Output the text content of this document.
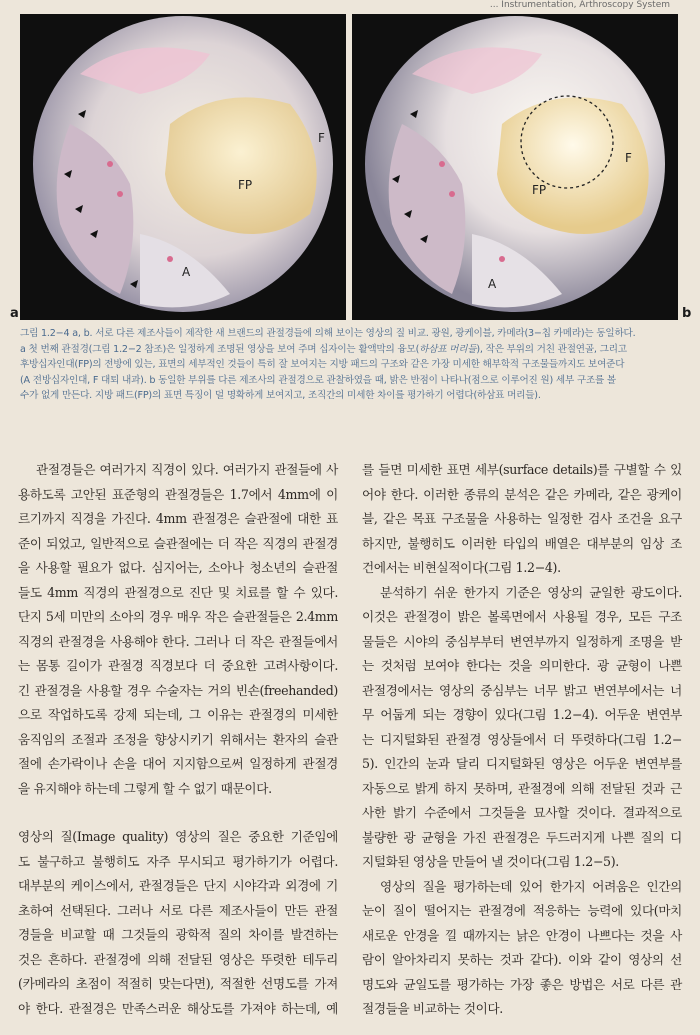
... Instrumentation, Arthroscopy System
FP
F
A
FP
F
A
a	b
그림 1.2−4 a, b. 서로 다른 제조사들이 제작한 새 브랜드의 관절경들에 의해 보이는 영상의 질 비교. 광원, 광케이블, 카메라(3−칩 카메라)는 동일하다.
a 첫 번째 관절경(그림 1.2−2 참조)은 일정하게 조명된 영상을 보여 주며 십자이는 활액막의 융모(하삼표 머리들), 작은 부위의 거친 관절연골, 그리고
후방십자인대(FP)의 전방에 있는, 표면의 세부적인 것들이 특히 잘 보여지는 지방 패드의 구조와 같은 가장 미세한 해부학적 구조물들까지도 보여준다
(A 전방십자인대, F 대퇴 내과). b 동일한 부위를 다른 제조사의 관절경으로 관찰하였을 때, 밝은 반점이 나타나(점으로 이루어진 원) 세부 구조를 볼
수가 없게 만든다. 지방 패드(FP)의 표면 특징이 덜 명확하게 보여지고, 조직간의 미세한 차이를 평가하기 어렵다(하삼표 머리들).
관절경들은 여러가지 직경이 있다. 여러가지 관절들에 사
용하도록 고안된 표준형의 관절경들은 1.7에서 4mm에 이
르기까지 직경을 가진다. 4mm 관절경은 슬관절에 대한 표
준이 되었고, 일반적으로 슬관절에는 더 작은 직경의 관절경
을 사용할 필요가 없다. 심지어는, 소아나 청소년의 슬관절
들도 4mm 직경의 관절경으로 진단 및 치료를 할 수 있다.
단지 5세 미만의 소아의 경우 매우 작은 슬관절들은 2.4mm
직경의 관절경을 사용해야 한다. 그러나 더 작은 관절들에서
는 몸통 길이가 관절경 직경보다 더 중요한 고려사항이다.
긴 관절경을 사용할 경우 수술자는 거의 빈손(freehanded)
으로 작업하도록 강제 되는데, 그 이유는 관절경의 미세한
움직임의 조절과 조정을 향상시키기 위해서는 환자의 슬관
절에 손가락이나 손을 대어 지지함으로써 일정하게 관절경
을 유지해야 하는데 그렇게 할 수 없기 때문이다.
영상의 질(Image quality) 영상의 질은 중요한 기준임에
도 불구하고 불행히도 자주 무시되고 평가하기가 어렵다.
대부분의 케이스에서, 관절경들은 단지 시야각과 외경에 기
초하여 선택된다. 그러나 서로 다른 제조사들이 만든 관절
경들을 비교할 때 그것들의 광학적 질의 차이를 발견하는
것은 흔하다. 관절경에 의해 전달된 영상은 뚜렷한 테두리
(카메라의 초점이 적절히 맞는다면), 적절한 선명도를 가져
야 한다. 관절경은 만족스러운 해상도를 가져야 하는데, 예
를 들면 미세한 표면 세부(surface details)를 구별할 수 있
어야 한다. 이러한 종류의 분석은 같은 카메라, 같은 광케이
블, 같은 목표 구조물을 사용하는 일정한 검사 조건을 요구
하지만, 불행히도 이러한 타입의 배열은 대부분의 임상 조
건에서는 비현실적이다(그림 1.2−4).
분석하기 쉬운 한가지 기준은 영상의 균일한 광도이다.
이것은 관절경이 밝은 볼록면에서 사용될 경우, 모든 구조
물들은 시야의 중심부부터 변연부까지 일정하게 조명을 받
는 것처럼 보여야 한다는 것을 의미한다. 광 균형이 나쁜
관절경에서는 영상의 중심부는 너무 밝고 변연부에서는 너
무 어둡게 되는 경향이 있다(그림 1.2−4). 어두운 변연부
는 디지털화된 관절경 영상들에서 더 뚜렷하다(그림 1.2−
5). 인간의 눈과 달리 디지털화된 영상은 어두운 변연부를
자동으로 밝게 하지 못하며, 관절경에 의해 전달된 것과 근
사한 밝기 수준에서 그것들을 묘사할 것이다. 결과적으로
불량한 광 균형을 가진 관절경은 두드러지게 나쁜 질의 디
지털화된 영상을 만들어 낼 것이다(그림 1.2−5).
영상의 질을 평가하는데 있어 한가지 어려움은 인간의
눈이 질이 떨어지는 관절경에 적응하는 능력에 있다(마치
새로운 안경을 낄 때까지는 낡은 안경이 나쁘다는 것을 사
람이 알아차리지 못하는 것과 같다). 이와 같이 영상의 선
명도와 균일도를 평가하는 가장 좋은 방법은 서로 다른 관
절경들을 비교하는 것이다.
